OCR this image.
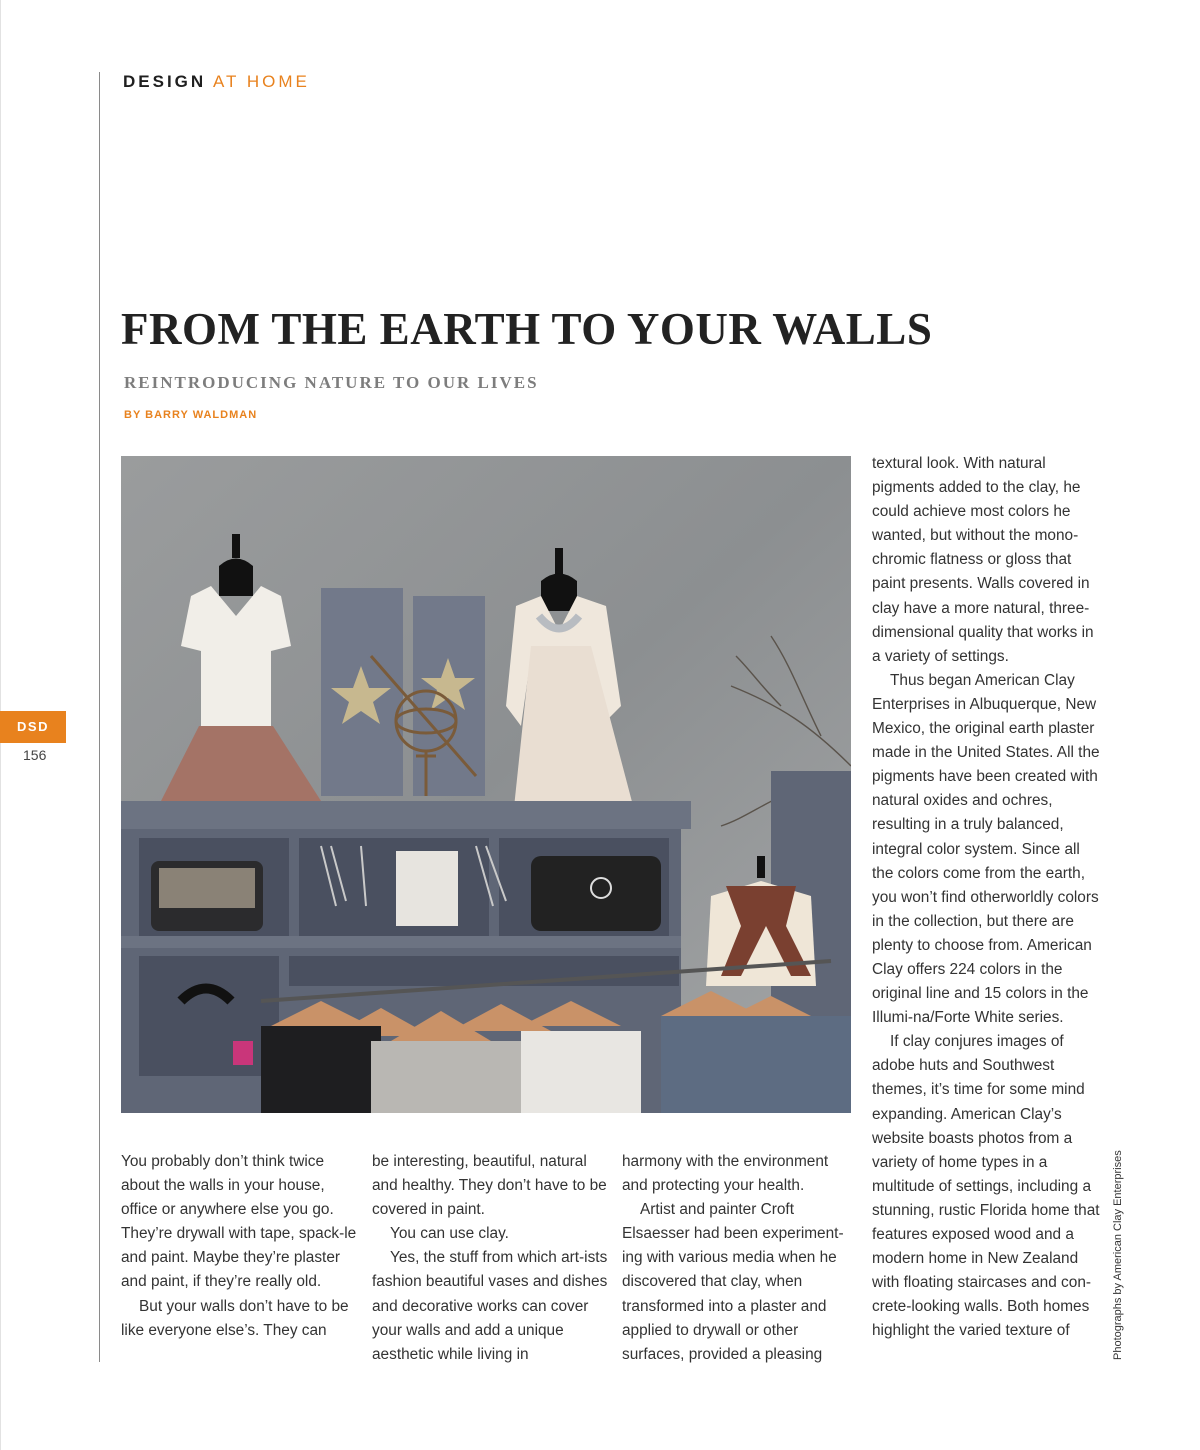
DESIGN AT HOME
FROM THE EARTH TO YOUR WALLS
REINTRODUCING NATURE TO OUR LIVES
BY BARRY WALDMAN
DSD
156

You probably don’t think twice about the walls in your house, office or anywhere else you go. They’re drywall with tape, spack-le and paint. Maybe they’re plaster and paint, if they’re really old.

But your walls don’t have to be like everyone else’s. They can

be interesting, beautiful, natural and healthy. They don’t have to be covered in paint.

You can use clay.

Yes, the stuff from which art-ists fashion beautiful vases and dishes and decorative works can cover your walls and add a unique aesthetic while living in

harmony with the environment and protecting your health.

Artist and painter Croft Elsaesser had been experiment-ing with various media when he discovered that clay, when transformed into a plaster and applied to drywall or other surfaces, provided a pleasing

textural look. With natural pigments added to the clay, he could achieve most colors he wanted, but without the mono-chromic flatness or gloss that paint presents. Walls covered in clay have a more natural, three-dimensional quality that works in a variety of settings.

Thus began American Clay Enterprises in Albuquerque, New Mexico, the original earth plaster made in the United States. All the pigments have been created with natural oxides and ochres, resulting in a truly balanced, integral color system. Since all the colors come from the earth, you won’t find otherworldly colors in the collection, but there are plenty to choose from. American Clay offers 224 colors in the original line and 15 colors in the Illumi-na/Forte White series.

If clay conjures images of adobe huts and Southwest themes, it’s time for some mind expanding. American Clay’s website boasts photos from a variety of home types in a multitude of settings, including a stunning, rustic Florida home that features exposed wood and a modern home in New Zealand with floating staircases and con-crete-looking walls. Both homes highlight the varied texture of	Photographs by American Clay Enterprises
